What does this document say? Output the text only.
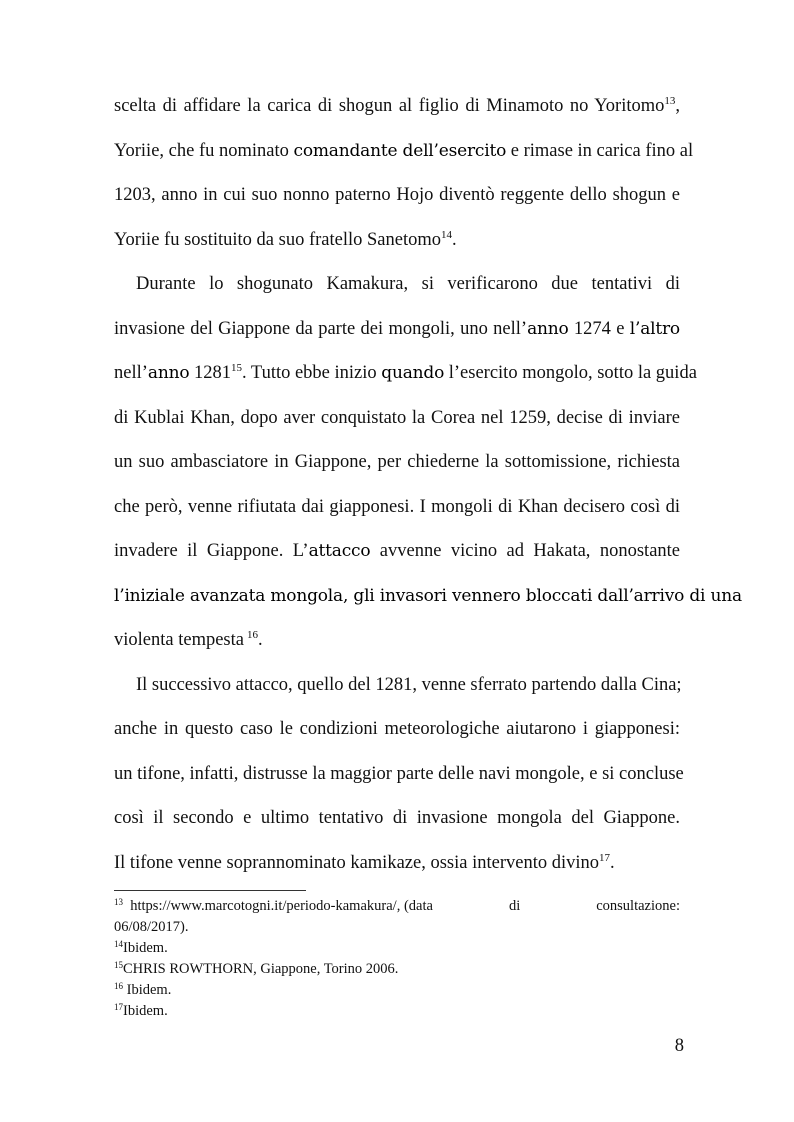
scelta di affidare la carica di shogun al figlio di Minamoto no Yoritomo$^{13}$,
Yoriie, che fu nominato comandante dell’esercito e rimase in carica fino al
1203, anno in cui suo nonno paterno Hojo diventò reggente dello shogun e
Yoriie fu sostituito da suo fratello Sanetomo$^{14}$.
Durante lo shogunato Kamakura, si verificarono due tentativi di
invasione del Giappone da parte dei mongoli, uno nell’anno 1274 e l’altro
nell’anno 1281$^{15}$. Tutto ebbe inizio quando l’esercito mongolo, sotto la guida
di Kublai Khan, dopo aver conquistato la Corea nel 1259, decise di inviare
un suo ambasciatore in Giappone, per chiederne la sottomissione, richiesta
che però, venne rifiutata dai giapponesi. I mongoli di Khan decisero così di
invadere il Giappone. L’attacco avvenne vicino ad Hakata, nonostante
l’iniziale avanzata mongola, gli invasori vennero bloccati dall’arrivo di una
violenta tempesta $^{16}$.
Il successivo attacco, quello del 1281, venne sferrato partendo dalla Cina;
anche in questo caso le condizioni meteorologiche aiutarono i giapponesi:
un tifone, infatti, distrusse la maggior parte delle navi mongole, e si concluse
così il secondo e ultimo tentativo di invasione mongola del Giappone.
Il tifone venne soprannominato kamikaze, ossia intervento divino$^{17}$.
$^{13}$ https://www.marcotogni.it/periodo-kamakura/, (data	di	consultazione:
06/08/2017).
$^{14}$Ibidem.
$^{15}$CHRIS ROWTHORN, Giappone, Torino 2006.
$^{16}$ Ibidem.
$^{17}$Ibidem.
8
